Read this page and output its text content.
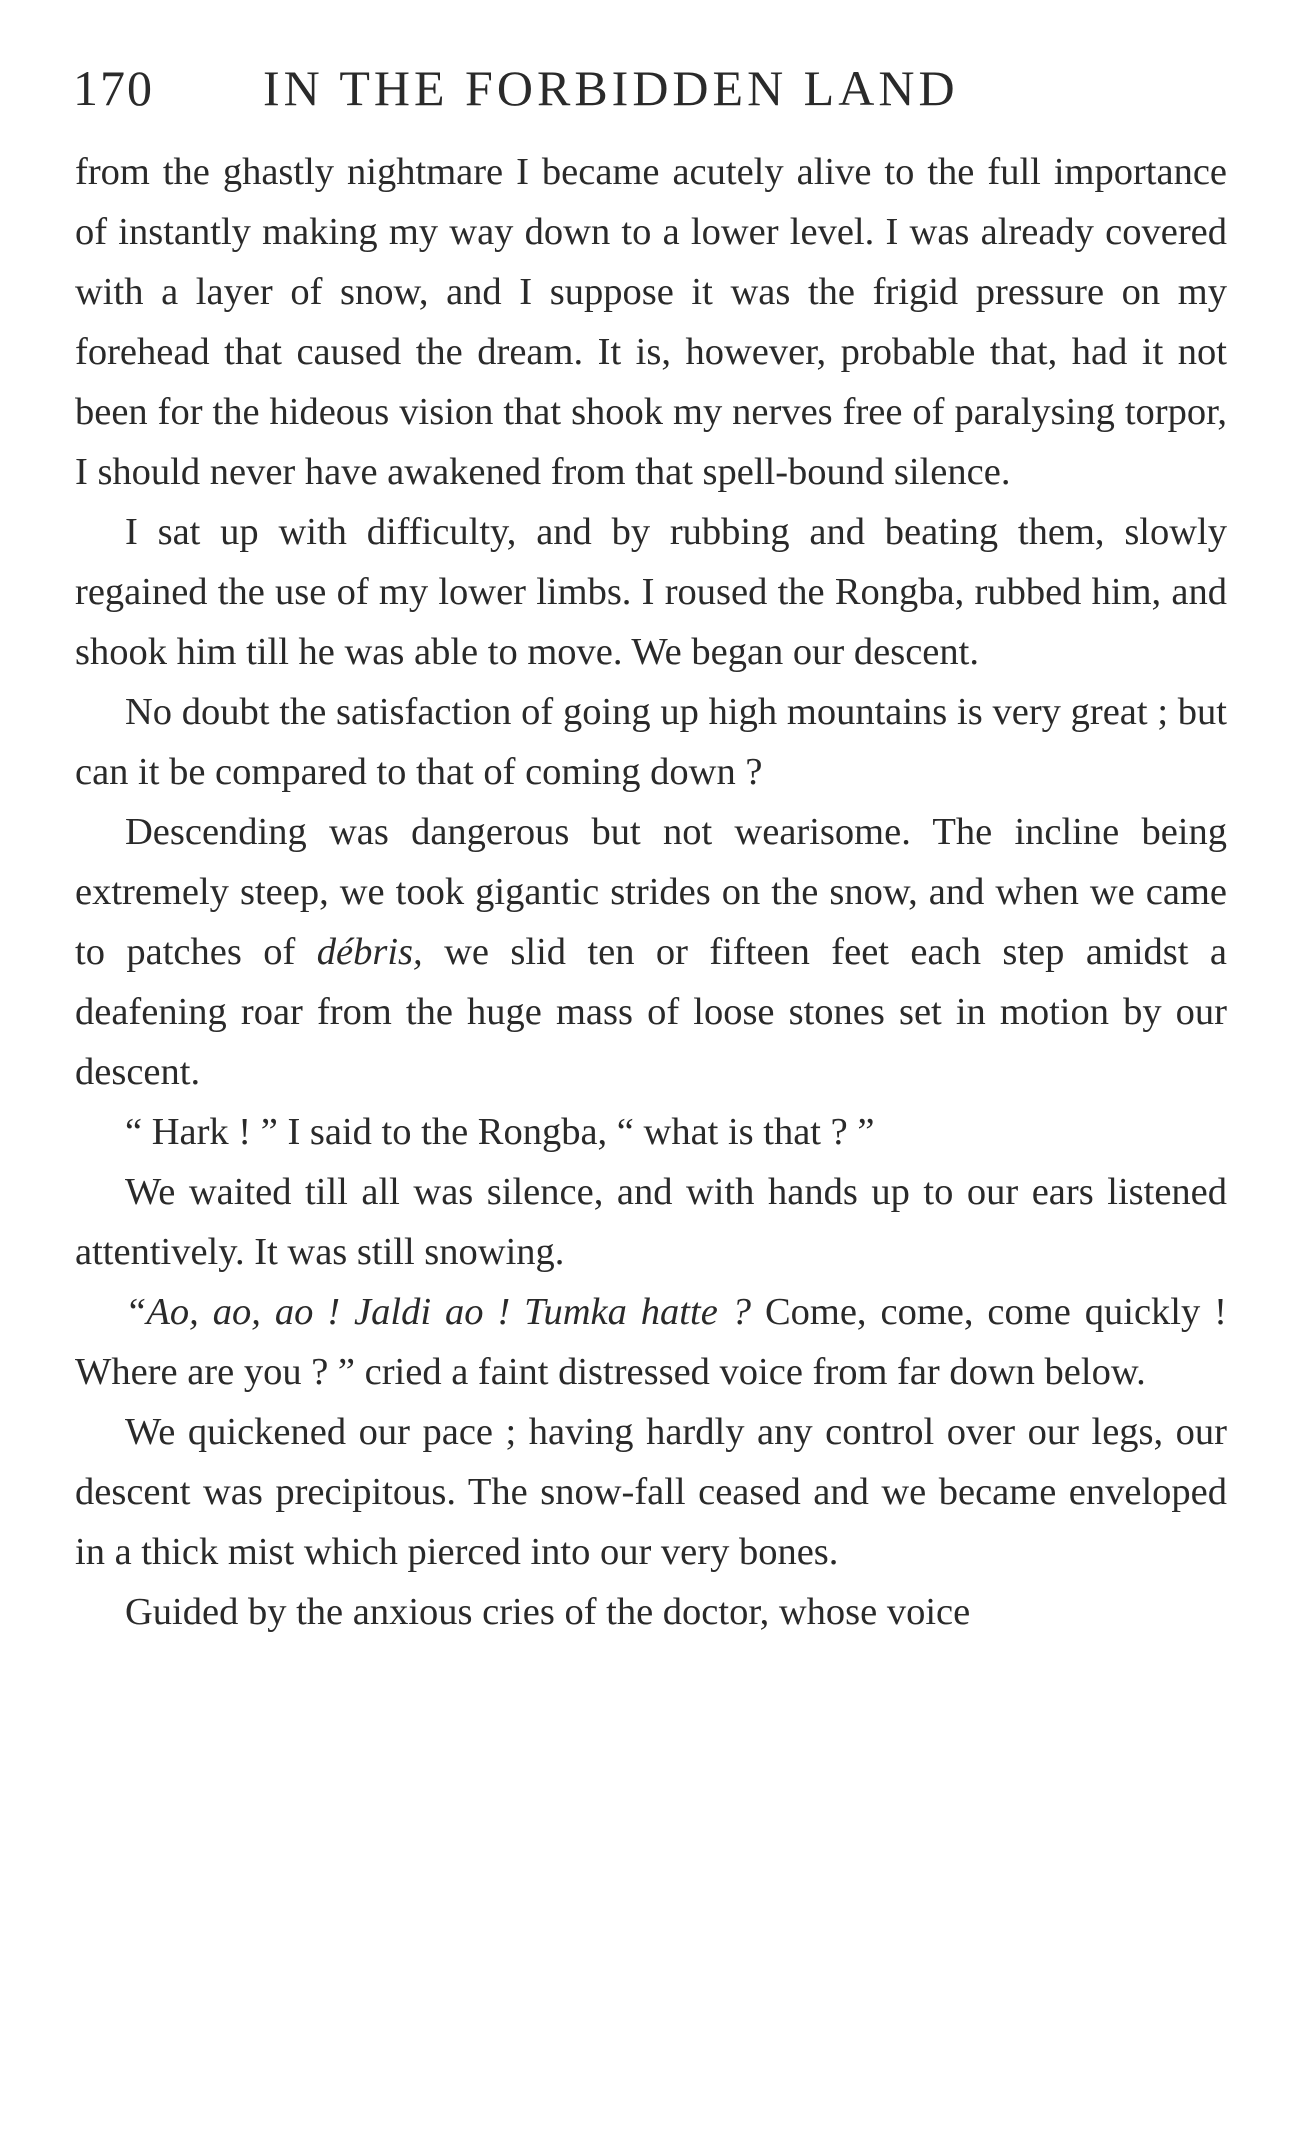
170 IN THE FORBIDDEN LAND

from the ghastly nightmare I became acutely alive to the full importance of instantly making my way down to a lower level. I was already covered with a layer of snow, and I suppose it was the frigid pressure on my forehead that caused the dream. It is, however, probable that, had it not been for the hideous vision that shook my nerves free of paralysing torpor, I should never have awakened from that spell-bound silence.

I sat up with difficulty, and by rubbing and beating them, slowly regained the use of my lower limbs. I roused the Rongba, rubbed him, and shook him till he was able to move. We began our descent.

No doubt the satisfaction of going up high mountains is very great ; but can it be compared to that of coming down ?

Descending was dangerous but not wearisome. The incline being extremely steep, we took gigantic strides on the snow, and when we came to patches of débris, we slid ten or fifteen feet each step amidst a deafening roar from the huge mass of loose stones set in motion by our descent.

“ Hark ! ” I said to the Rongba, “ what is that ? ”

We waited till all was silence, and with hands up to our ears listened attentively. It was still snowing.

“Ao, ao, ao ! Jaldi ao ! Tumka hatte ? Come, come, come quickly ! Where are you ? ” cried a faint distressed voice from far down below.

We quickened our pace ; having hardly any control over our legs, our descent was precipitous. The snow-fall ceased and we became enveloped in a thick mist which pierced into our very bones.

Guided by the anxious cries of the doctor, whose voice
